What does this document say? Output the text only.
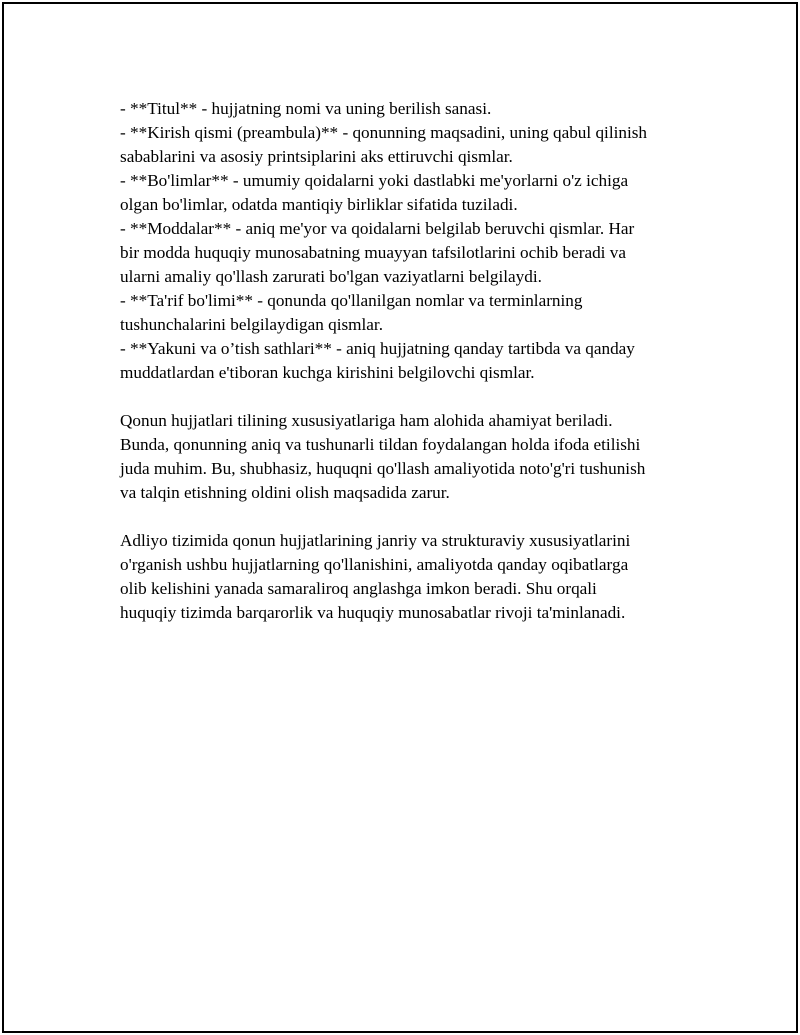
- **Titul** - hujjatning nomi va uning berilish sanasi.
- **Kirish qismi (preambula)** - qonunning maqsadini, uning qabul qilinish
sabablarini va asosiy printsiplarini aks ettiruvchi qismlar.
- **Bo'limlar** - umumiy qoidalarni yoki dastlabki me'yorlarni o'z ichiga
olgan bo'limlar, odatda mantiqiy birliklar sifatida tuziladi.
- **Moddalar** - aniq me'yor va qoidalarni belgilab beruvchi qismlar. Har
bir modda huquqiy munosabatning muayyan tafsilotlarini ochib beradi va
ularni amaliy qo'llash zarurati bo'lgan vaziyatlarni belgilaydi.
- **Ta'rif bo'limi** - qonunda qo'llanilgan nomlar va terminlarning
tushunchalarini belgilaydigan qismlar.
- **Yakuni va o’tish sathlari** - aniq hujjatning qanday tartibda va qanday
muddatlardan e'tiboran kuchga kirishini belgilovchi qismlar.
Qonun hujjatlari tilining xususiyatlariga ham alohida ahamiyat beriladi.
Bunda, qonunning aniq va tushunarli tildan foydalangan holda ifoda etilishi
juda muhim. Bu, shubhasiz, huquqni qo'llash amaliyotida noto'g'ri tushunish
va talqin etishning oldini olish maqsadida zarur.
Adliyo tizimida qonun hujjatlarining janriy va strukturaviy xususiyatlarini
o'rganish ushbu hujjatlarning qo'llanishini, amaliyotda qanday oqibatlarga
olib kelishini yanada samaraliroq anglashga imkon beradi. Shu orqali
huquqiy tizimda barqarorlik va huquqiy munosabatlar rivoji ta'minlanadi.
